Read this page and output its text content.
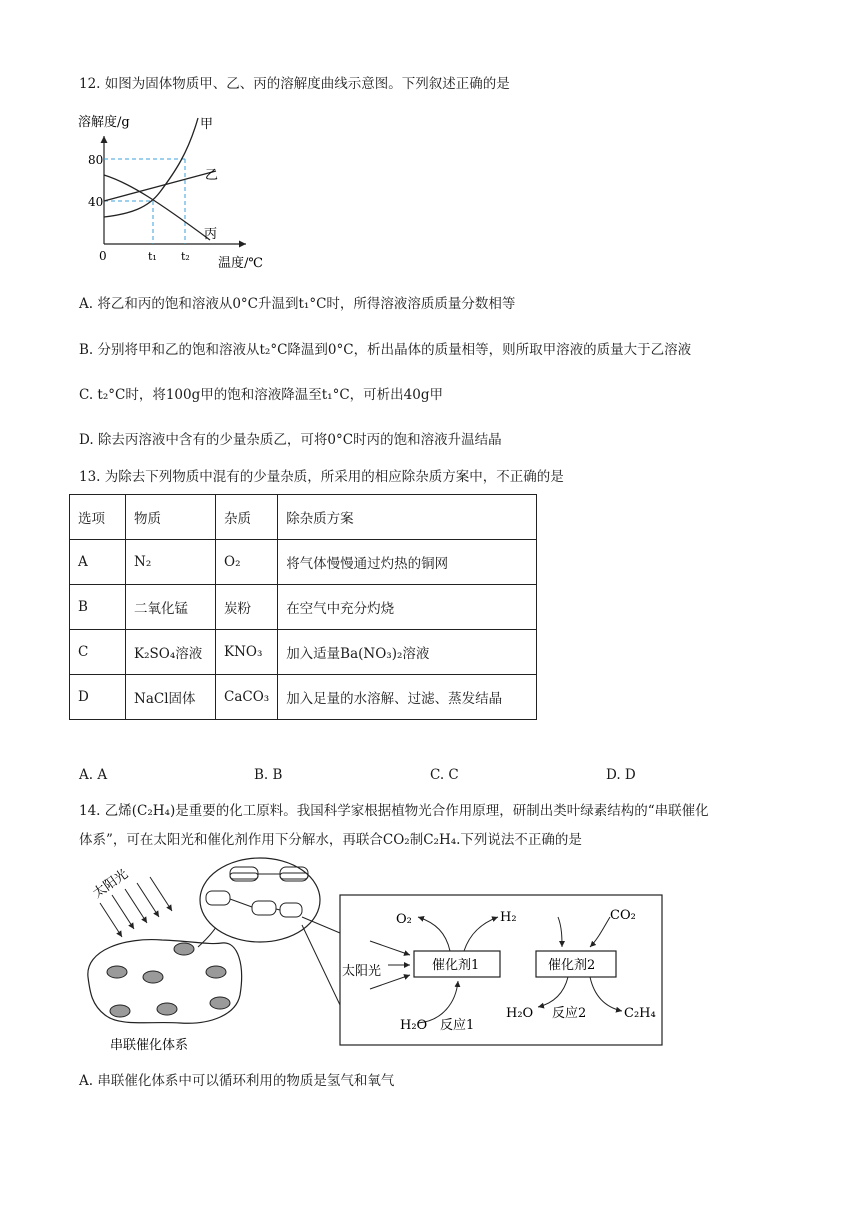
12. 如图为固体物质甲、乙、丙的溶解度曲线示意图。下列叙述正确的是
溶解度/g
0
80
40
t₁ t₂ 温度/℃
甲
乙
丙
A. 将乙和丙的饱和溶液从0°C升温到t₁°C时，所得溶液溶质质量分数相等
B. 分别将甲和乙的饱和溶液从t₂°C降温到0°C，析出晶体的质量相等，则所取甲溶液的质量大于乙溶液
C. t₂°C时，将100g甲的饱和溶液降温至t₁°C，可析出40g甲
D. 除去丙溶液中含有的少量杂质乙，可将0°C时丙的饱和溶液升温结晶
13. 为除去下列物质中混有的少量杂质，所采用的相应除杂质方案中，不正确的是
选项	物质	杂质	除杂质方案
A	N₂	O₂	将气体慢慢通过灼热的铜网
B	二氧化锰	炭粉	在空气中充分灼烧
C	K₂SO₄溶液	KNO₃	加入适量Ba(NO₃)₂溶液
D	NaCl固体	CaCO₃	加入足量的水溶解、过滤、蒸发结晶
A. A	B. B	C. C	D. D
14. 乙烯(C₂H₄)是重要的化工原料。我国科学家根据植物光合作用原理，研制出类叶绿素结构的“串联催化
体系”，可在太阳光和催化剂作用下分解水，再联合CO₂制C₂H₄.下列说法不正确的是
太阳光
串联催化体系
太阳光	催化剂1	催化剂2
O₂	H₂	CO₂
H₂O 反应1
H₂O 反应2	C₂H₄
A. 串联催化体系中可以循环利用的物质是氢气和氧气
